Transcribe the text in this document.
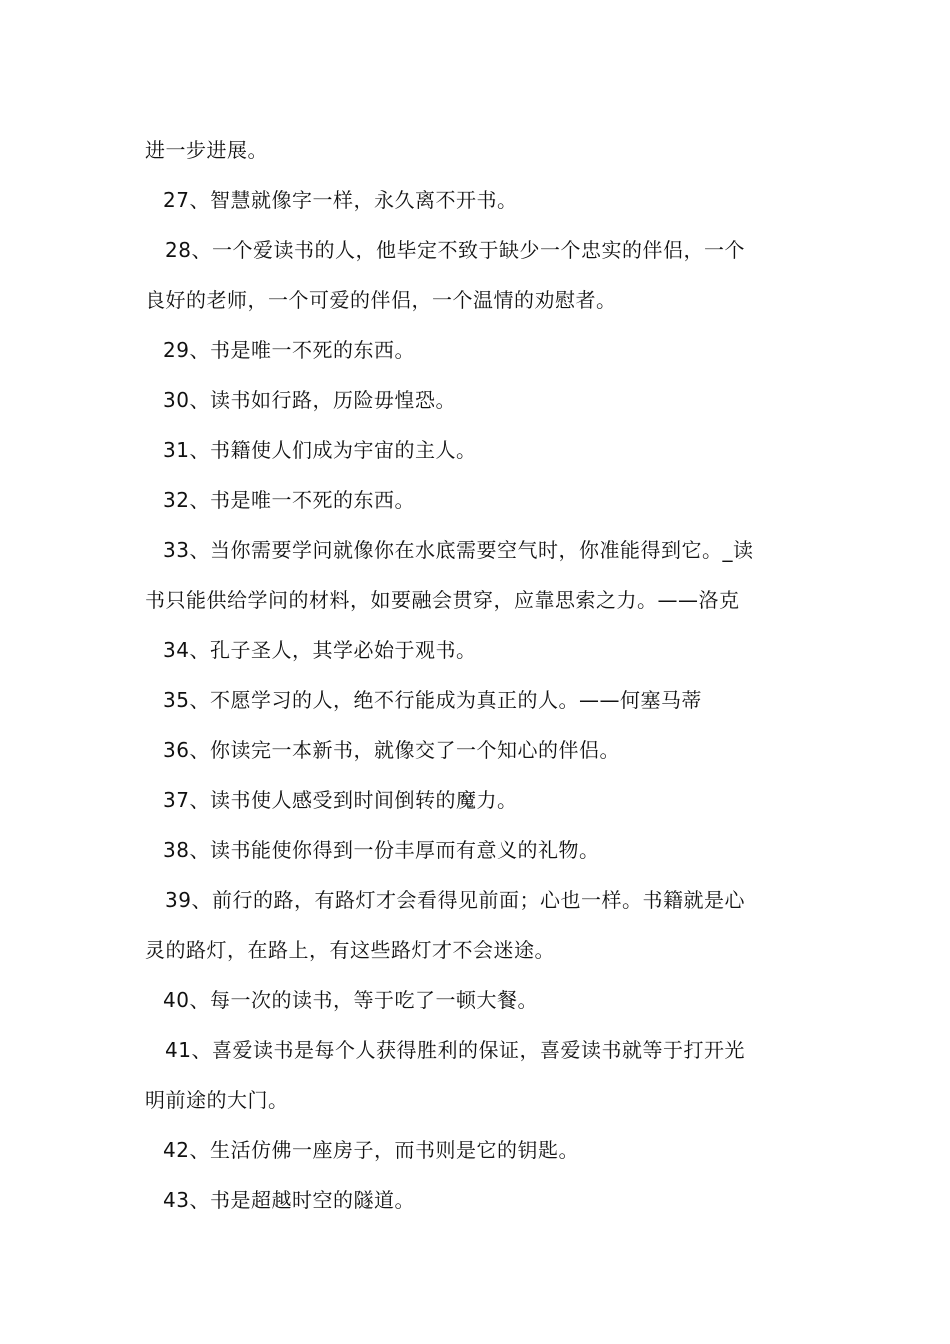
进一步进展。
27、智慧就像字一样，永久离不开书。
28、一个爱读书的人，他毕定不致于缺少一个忠实的伴侣，一个
良好的老师，一个可爱的伴侣，一个温情的劝慰者。
29、书是唯一不死的东西。
30、读书如行路，历险毋惶恐。
31、书籍使人们成为宇宙的主人。
32、书是唯一不死的东西。
33、当你需要学问就像你在水底需要空气时，你准能得到它。_读
书只能供给学问的材料，如要融会贯穿，应靠思索之力。——洛克
34、孔子圣人，其学必始于观书。
35、不愿学习的人，绝不行能成为真正的人。——何塞马蒂
36、你读完一本新书，就像交了一个知心的伴侣。
37、读书使人感受到时间倒转的魔力。
38、读书能使你得到一份丰厚而有意义的礼物。
39、前行的路，有路灯才会看得见前面；心也一样。书籍就是心
灵的路灯，在路上，有这些路灯才不会迷途。
40、每一次的读书，等于吃了一顿大餐。
41、喜爱读书是每个人获得胜利的保证，喜爱读书就等于打开光
明前途的大门。
42、生活仿佛一座房子，而书则是它的钥匙。
43、书是超越时空的隧道。
